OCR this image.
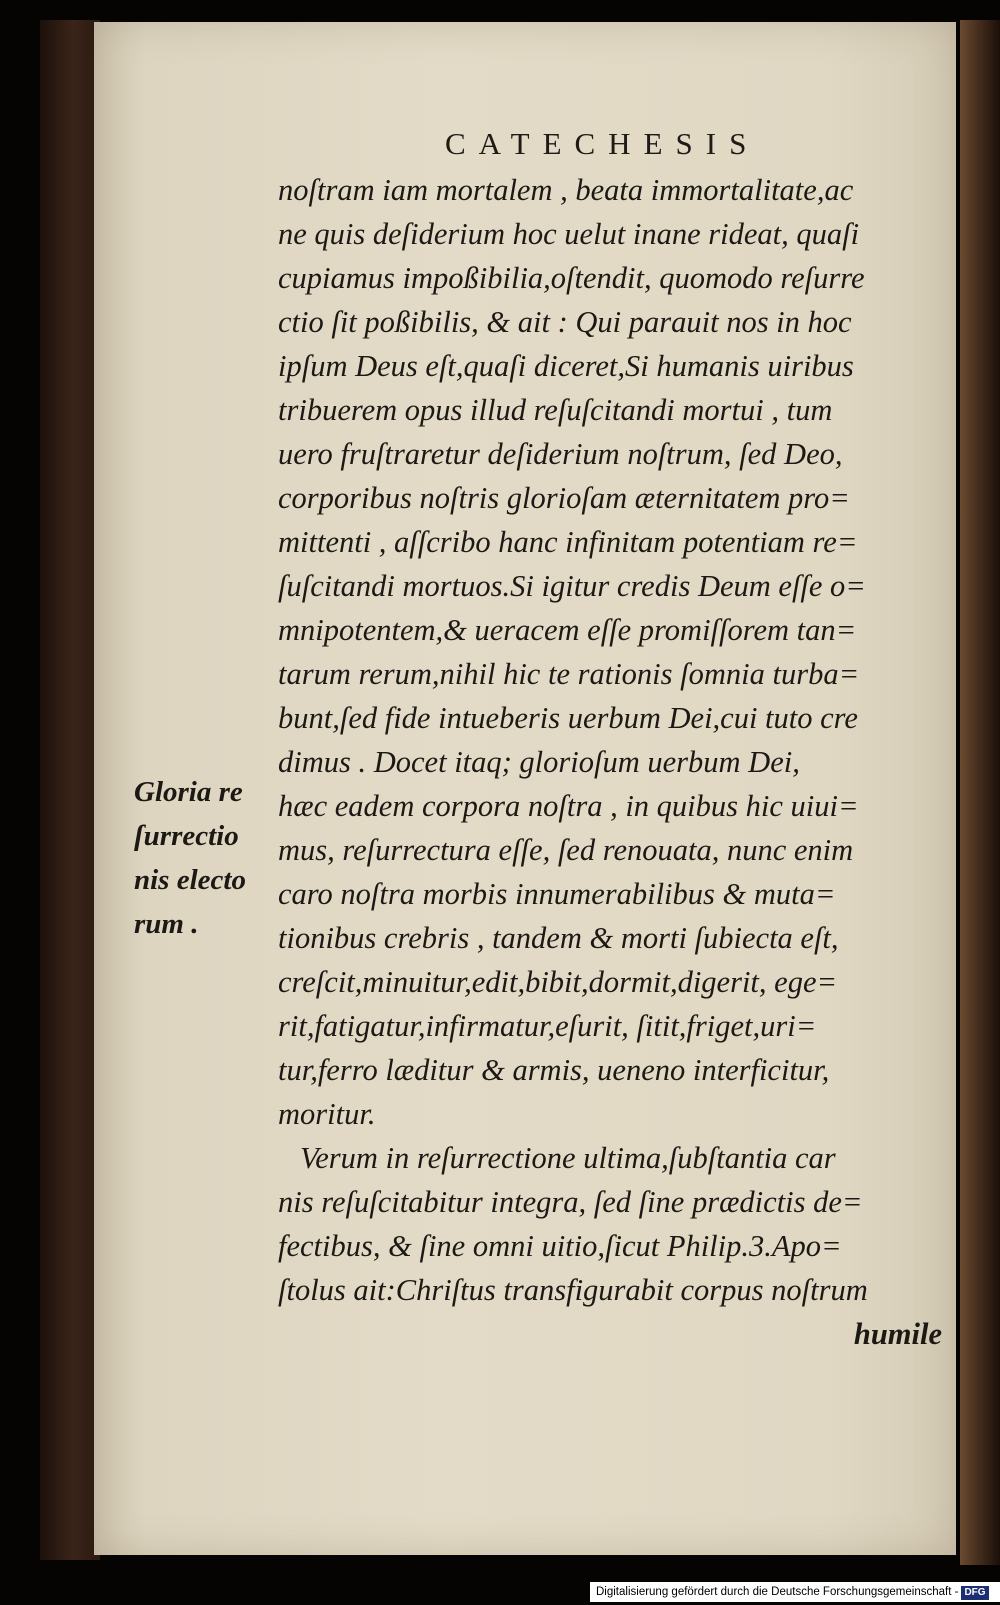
CATECHESIS
Gloria re
ſurrectio
nis electo
rum .
noſtram iam mortalem , beata immortalitate,ac
ne quis deſiderium hoc uelut inane rideat, quaſi
cupiamus impoßibilia,oſtendit, quomodo reſurre
ctio ſit poßibilis, & ait : Qui parauit nos in hoc
ipſum Deus eſt,quaſi diceret,Si humanis uiribus
tribuerem opus illud reſuſcitandi mortui , tum
uero fruſtraretur deſiderium noſtrum, ſed Deo,
corporibus noſtris glorioſam æternitatem pro=
mittenti , aſſcribo hanc infinitam potentiam re=
ſuſcitandi mortuos.Si igitur credis Deum eſſe o=
mnipotentem,& ueracem eſſe promiſſorem tan=
tarum rerum,nihil hic te rationis ſomnia turba=
bunt,ſed fide intueberis uerbum Dei,cui tuto cre
dimus . Docet itaq; glorioſum uerbum Dei,
hæc eadem corpora noſtra , in quibus hic uiui=
mus, reſurrectura eſſe, ſed renouata, nunc enim
caro noſtra morbis innumerabilibus & muta=
tionibus crebris , tandem & morti ſubiecta eſt,
creſcit,minuitur,edit,bibit,dormit,digerit, ege=
rit,fatigatur,infirmatur,eſurit, ſitit,friget,uri=
tur,ferro læditur & armis, ueneno interficitur,
moritur.
Verum in reſurrectione ultima,ſubſtantia car
nis reſuſcitabitur integra, ſed ſine prædictis de=
fectibus, & ſine omni uitio,ſicut Philip.3.Apo=
ſtolus ait:Chriſtus transfigurabit corpus noſtrum
humile
Digitalisierung gefördert durch die Deutsche Forschungsgemeinschaft - DFG
